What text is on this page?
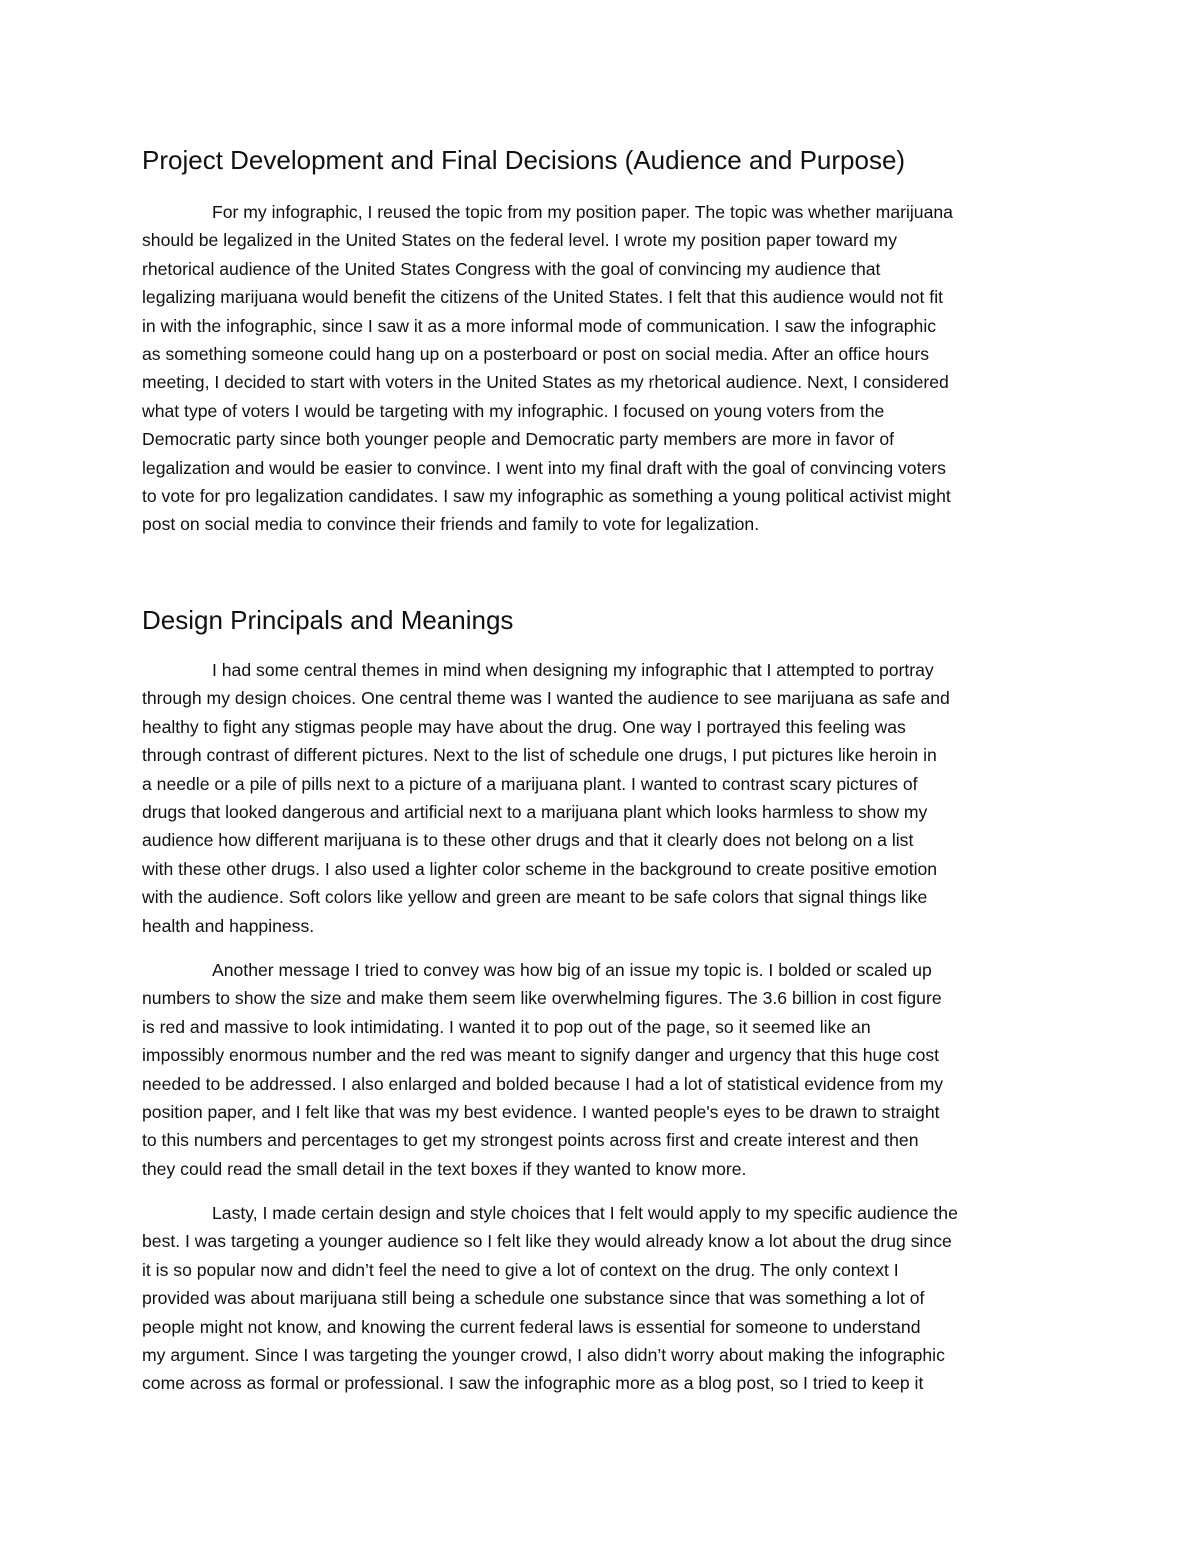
Project Development and Final Decisions (Audience and Purpose)
For my infographic, I reused the topic from my position paper. The topic was whether marijuana
should be legalized in the United States on the federal level. I wrote my position paper toward my
rhetorical audience of the United States Congress with the goal of convincing my audience that
legalizing marijuana would benefit the citizens of the United States. I felt that this audience would not fit
in with the infographic, since I saw it as a more informal mode of communication. I saw the infographic
as something someone could hang up on a posterboard or post on social media. After an office hours
meeting, I decided to start with voters in the United States as my rhetorical audience. Next, I considered
what type of voters I would be targeting with my infographic. I focused on young voters from the
Democratic party since both younger people and Democratic party members are more in favor of
legalization and would be easier to convince. I went into my final draft with the goal of convincing voters
to vote for pro legalization candidates. I saw my infographic as something a young political activist might
post on social media to convince their friends and family to vote for legalization.
Design Principals and Meanings
I had some central themes in mind when designing my infographic that I attempted to portray
through my design choices. One central theme was I wanted the audience to see marijuana as safe and
healthy to fight any stigmas people may have about the drug. One way I portrayed this feeling was
through contrast of different pictures. Next to the list of schedule one drugs, I put pictures like heroin in
a needle or a pile of pills next to a picture of a marijuana plant. I wanted to contrast scary pictures of
drugs that looked dangerous and artificial next to a marijuana plant which looks harmless to show my
audience how different marijuana is to these other drugs and that it clearly does not belong on a list
with these other drugs. I also used a lighter color scheme in the background to create positive emotion
with the audience. Soft colors like yellow and green are meant to be safe colors that signal things like
health and happiness.
Another message I tried to convey was how big of an issue my topic is. I bolded or scaled up
numbers to show the size and make them seem like overwhelming figures. The 3.6 billion in cost figure
is red and massive to look intimidating. I wanted it to pop out of the page, so it seemed like an
impossibly enormous number and the red was meant to signify danger and urgency that this huge cost
needed to be addressed. I also enlarged and bolded because I had a lot of statistical evidence from my
position paper, and I felt like that was my best evidence. I wanted people's eyes to be drawn to straight
to this numbers and percentages to get my strongest points across first and create interest and then
they could read the small detail in the text boxes if they wanted to know more.
Lasty, I made certain design and style choices that I felt would apply to my specific audience the
best. I was targeting a younger audience so I felt like they would already know a lot about the drug since
it is so popular now and didn’t feel the need to give a lot of context on the drug. The only context I
provided was about marijuana still being a schedule one substance since that was something a lot of
people might not know, and knowing the current federal laws is essential for someone to understand
my argument. Since I was targeting the younger crowd, I also didn’t worry about making the infographic
come across as formal or professional. I saw the infographic more as a blog post, so I tried to keep it
